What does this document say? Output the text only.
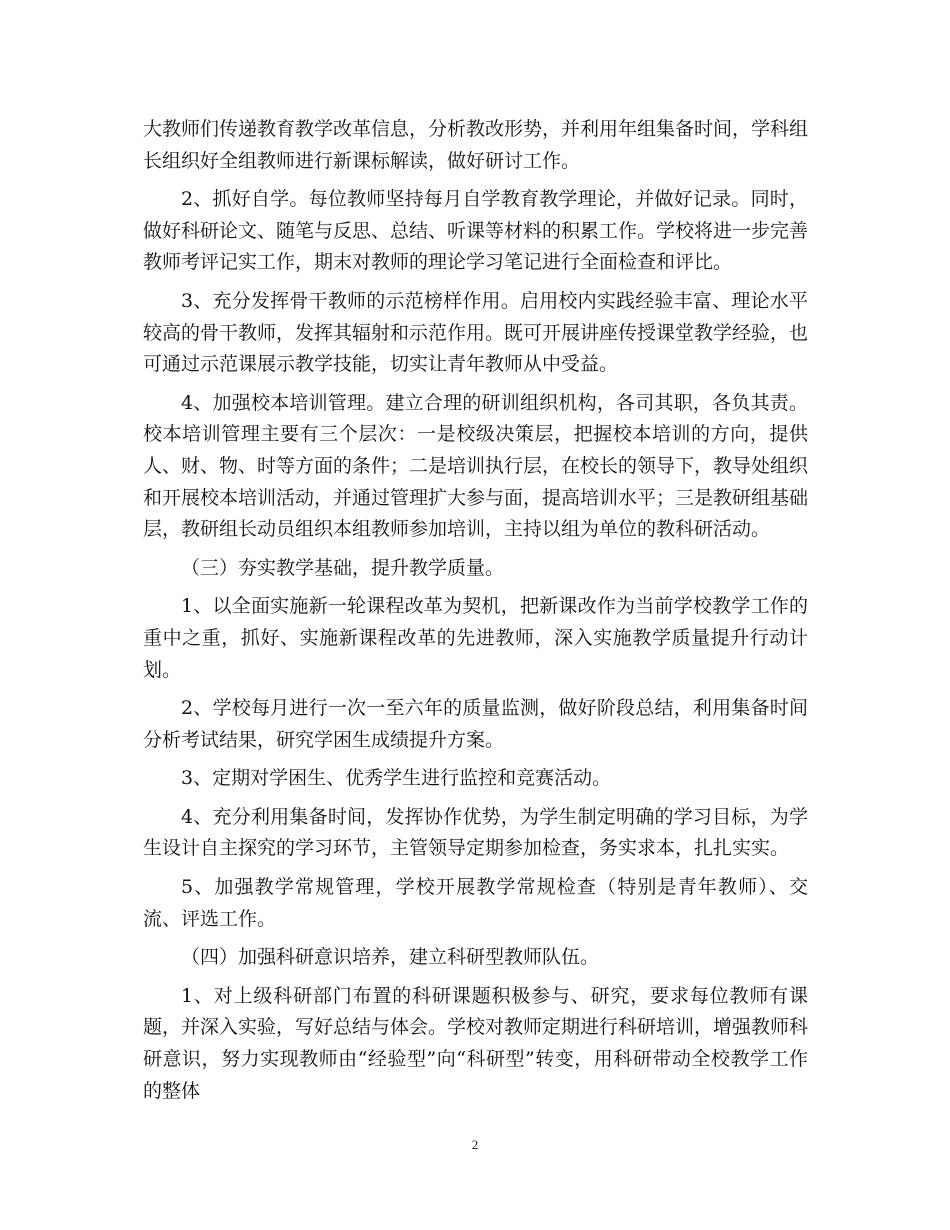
大教师们传递教育教学改革信息，分析教改形势，并利用年组集备时间，学科组长组织好全组教师进行新课标解读，做好研讨工作。

2、抓好自学。每位教师坚持每月自学教育教学理论，并做好记录。同时，做好科研论文、随笔与反思、总结、听课等材料的积累工作。学校将进一步完善教师考评记实工作，期末对教师的理论学习笔记进行全面检查和评比。

3、充分发挥骨干教师的示范榜样作用。启用校内实践经验丰富、理论水平较高的骨干教师，发挥其辐射和示范作用。既可开展讲座传授课堂教学经验，也可通过示范课展示教学技能，切实让青年教师从中受益。

4、加强校本培训管理。建立合理的研训组织机构，各司其职，各负其责。校本培训管理主要有三个层次：一是校级决策层，把握校本培训的方向，提供人、财、物、时等方面的条件；二是培训执行层，在校长的领导下，教导处组织和开展校本培训活动，并通过管理扩大参与面，提高培训水平；三是教研组基础层，教研组长动员组织本组教师参加培训，主持以组为单位的教科研活动。

（三）夯实教学基础，提升教学质量。

1、以全面实施新一轮课程改革为契机，把新课改作为当前学校教学工作的重中之重，抓好、实施新课程改革的先进教师，深入实施教学质量提升行动计划。

2、学校每月进行一次一至六年的质量监测，做好阶段总结，利用集备时间分析考试结果，研究学困生成绩提升方案。

3、定期对学困生、优秀学生进行监控和竞赛活动。

4、充分利用集备时间，发挥协作优势，为学生制定明确的学习目标，为学生设计自主探究的学习环节，主管领导定期参加检查，务实求本，扎扎实实。

5、加强教学常规管理，学校开展教学常规检查（特别是青年教师）、交流、评选工作。

（四）加强科研意识培养，建立科研型教师队伍。

1、对上级科研部门布置的科研课题积极参与、研究，要求每位教师有课题，并深入实验，写好总结与体会。学校对教师定期进行科研培训，增强教师科研意识，努力实现教师由“经验型”向“科研型”转变，用科研带动全校教学工作的整体

2
